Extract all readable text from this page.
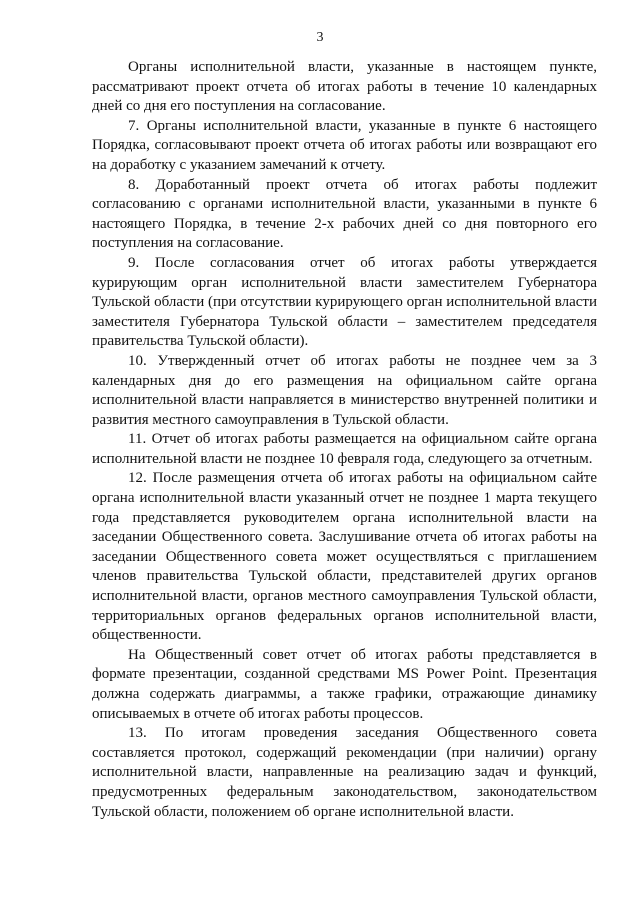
3

Органы исполнительной власти, указанные в настоящем пункте, рассматривают проект отчета об итогах работы в течение 10 календарных дней со дня его поступления на согласование.

7. Органы исполнительной власти, указанные в пункте 6 настоящего Порядка, согласовывают проект отчета об итогах работы или возвращают его на доработку с указанием замечаний к отчету.

8. Доработанный проект отчета об итогах работы подлежит согласованию с органами исполнительной власти, указанными в пункте 6 настоящего Порядка, в течение 2-х рабочих дней со дня повторного его поступления на согласование.

9. После согласования отчет об итогах работы утверждается курирующим орган исполнительной власти заместителем Губернатора Тульской области (при отсутствии курирующего орган исполнительной власти заместителя Губернатора Тульской области – заместителем председателя правительства Тульской области).

10. Утвержденный отчет об итогах работы не позднее чем за 3 календарных дня до его размещения на официальном сайте органа исполнительной власти направляется в министерство внутренней политики и развития местного самоуправления в Тульской области.

11. Отчет об итогах работы размещается на официальном сайте органа исполнительной власти не позднее 10 февраля года, следующего за отчетным.

12. После размещения отчета об итогах работы на официальном сайте органа исполнительной власти указанный отчет не позднее 1 марта текущего года представляется руководителем органа исполнительной власти на заседании Общественного совета. Заслушивание отчета об итогах работы на заседании Общественного совета может осуществляться с приглашением членов правительства Тульской области, представителей других органов исполнительной власти, органов местного самоуправления Тульской области, территориальных органов федеральных органов исполнительной власти, общественности.

На Общественный совет отчет об итогах работы представляется в формате презентации, созданной средствами MS Power Point. Презентация должна содержать диаграммы, а также графики, отражающие динамику описываемых в отчете об итогах работы процессов.

13. По итогам проведения заседания Общественного совета составляется протокол, содержащий рекомендации (при наличии) органу исполнительной власти, направленные на реализацию задач и функций, предусмотренных федеральным законодательством, законодательством Тульской области, положением об органе исполнительной власти.
